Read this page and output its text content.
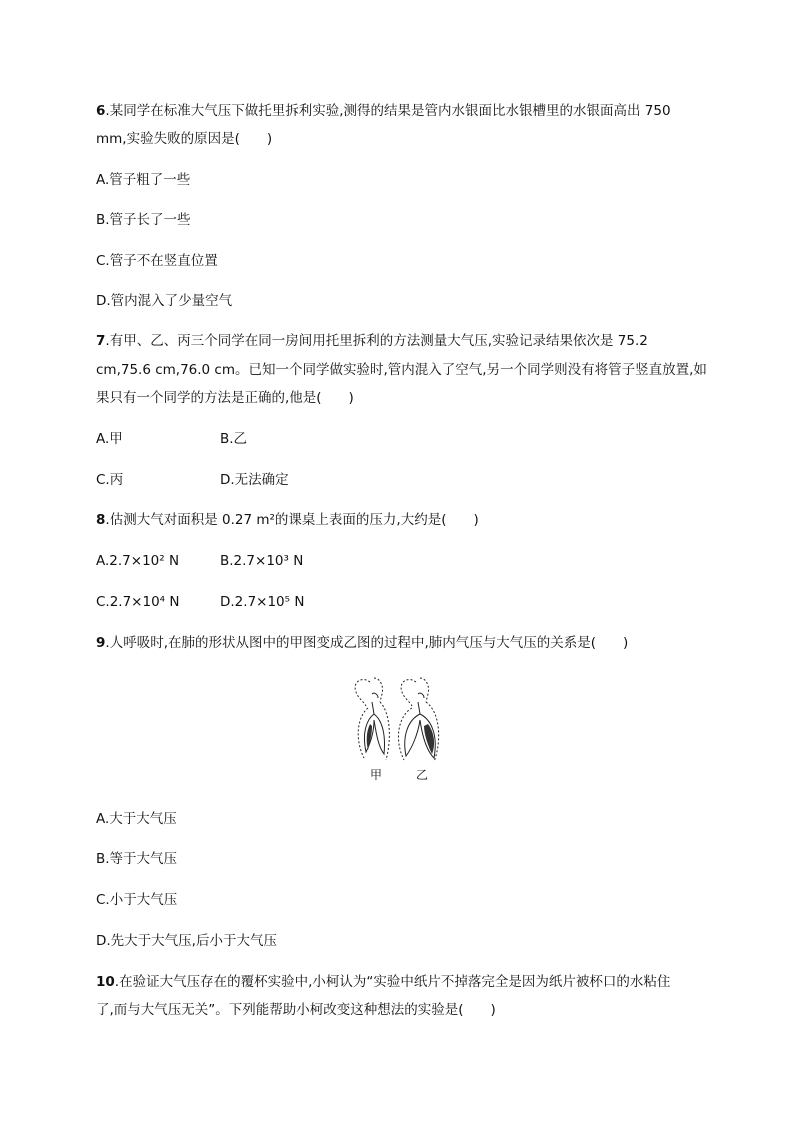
6.某同学在标准大气压下做托里拆利实验,测得的结果是管内水银面比水银槽里的水银面高出 750
mm,实验失败的原因是(　　)
A.管子粗了一些
B.管子长了一些
C.管子不在竖直位置
D.管内混入了少量空气
7.有甲、乙、丙三个同学在同一房间用托里拆利的方法测量大气压,实验记录结果依次是 75.2
cm,75.6 cm,76.0 cm。已知一个同学做实验时,管内混入了空气,另一个同学则没有将管子竖直放置,如
果只有一个同学的方法是正确的,他是(　　)
A.甲	B.乙
C.丙	D.无法确定
8.估测大气对面积是 0.27 m²的课桌上表面的压力,大约是(　　)
A.2.7×10² N	B.2.7×10³ N
C.2.7×10⁴ N	D.2.7×10⁵ N
9.人呼吸时,在肺的形状从图中的甲图变成乙图的过程中,肺内气压与大气压的关系是(　　)
甲	乙
A.大于大气压
B.等于大气压
C.小于大气压
D.先大于大气压,后小于大气压
10.在验证大气压存在的覆杯实验中,小柯认为“实验中纸片不掉落完全是因为纸片被杯口的水粘住
了,而与大气压无关”。下列能帮助小柯改变这种想法的实验是(　　)
